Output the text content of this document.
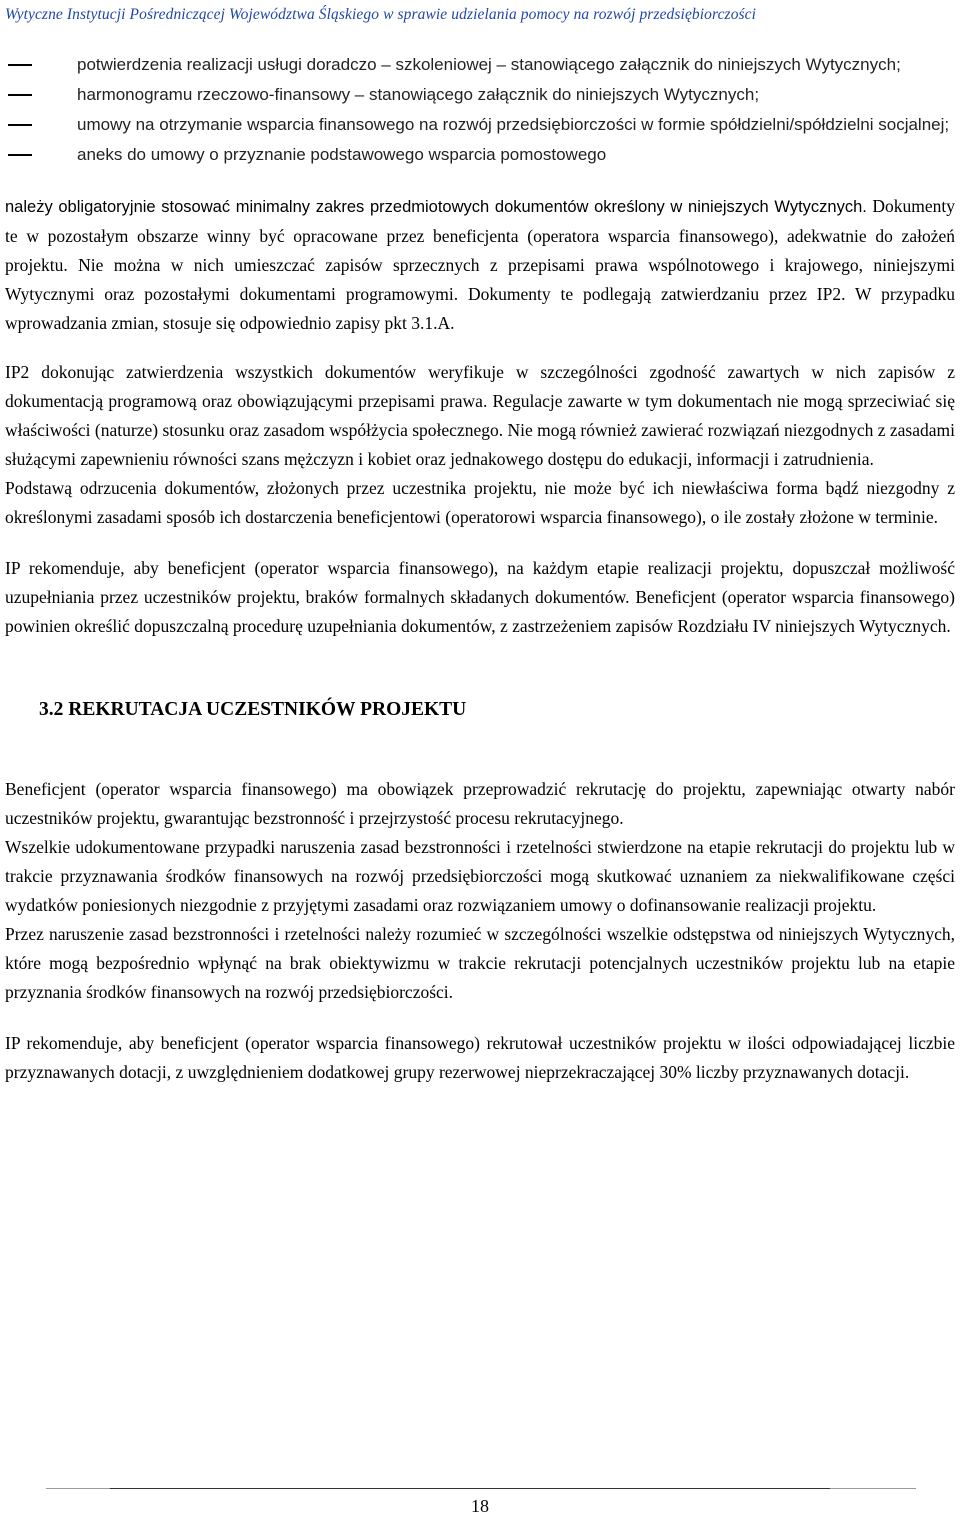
Wytyczne Instytucji Pośredniczącej Województwa Śląskiego w sprawie udzielania pomocy na rozwój przedsiębiorczości
potwierdzenia realizacji usługi doradczo – szkoleniowej – stanowiącego załącznik do niniejszych Wytycznych;
harmonogramu rzeczowo-finansowy – stanowiącego załącznik do niniejszych Wytycznych;
umowy na otrzymanie wsparcia finansowego na rozwój przedsiębiorczości w formie spółdzielni/spółdzielni socjalnej;
aneks do umowy o przyznanie podstawowego wsparcia pomostowego

należy obligatoryjnie stosować minimalny zakres przedmiotowych dokumentów określony w niniejszych Wytycznych. Dokumenty te w pozostałym obszarze winny być opracowane przez beneficjenta (operatora wsparcia finansowego), adekwatnie do założeń projektu. Nie można w nich umieszczać zapisów sprzecznych z przepisami prawa wspólnotowego i krajowego, niniejszymi Wytycznymi oraz pozostałymi dokumentami programowymi. Dokumenty te podlegają zatwierdzaniu przez IP2. W przypadku wprowadzania zmian, stosuje się odpowiednio zapisy pkt 3.1.A.

IP2 dokonując zatwierdzenia wszystkich dokumentów weryfikuje w szczególności zgodność zawartych w nich zapisów z dokumentacją programową oraz obowiązującymi przepisami prawa. Regulacje zawarte w tym dokumentach nie mogą sprzeciwiać się właściwości (naturze) stosunku oraz zasadom współżycia społecznego. Nie mogą również zawierać rozwiązań niezgodnych z zasadami służącymi zapewnieniu równości szans mężczyzn i kobiet oraz jednakowego dostępu do edukacji, informacji i zatrudnienia.

Podstawą odrzucenia dokumentów, złożonych przez uczestnika projektu, nie może być ich niewłaściwa forma bądź niezgodny z określonymi zasadami sposób ich dostarczenia beneficjentowi (operatorowi wsparcia finansowego), o ile zostały złożone w terminie.

IP rekomenduje, aby beneficjent (operator wsparcia finansowego), na każdym etapie realizacji projektu, dopuszczał możliwość uzupełniania przez uczestników projektu, braków formalnych składanych dokumentów. Beneficjent (operator wsparcia finansowego) powinien określić dopuszczalną procedurę uzupełniania dokumentów, z zastrzeżeniem zapisów Rozdziału IV niniejszych Wytycznych.

3.2 REKRUTACJA UCZESTNIKÓW PROJEKTU

Beneficjent (operator wsparcia finansowego) ma obowiązek przeprowadzić rekrutację do projektu, zapewniając otwarty nabór uczestników projektu, gwarantując bezstronność i przejrzystość procesu rekrutacyjnego.

Wszelkie udokumentowane przypadki naruszenia zasad bezstronności i rzetelności stwierdzone na etapie rekrutacji do projektu lub w trakcie przyznawania środków finansowych na rozwój przedsiębiorczości mogą skutkować uznaniem za niekwalifikowane części wydatków poniesionych niezgodnie z przyjętymi zasadami oraz rozwiązaniem umowy o dofinansowanie realizacji projektu.

Przez naruszenie zasad bezstronności i rzetelności należy rozumieć w szczególności wszelkie odstępstwa od niniejszych Wytycznych, które mogą bezpośrednio wpłynąć na brak obiektywizmu w trakcie rekrutacji potencjalnych uczestników projektu lub na etapie przyznania środków finansowych na rozwój przedsiębiorczości.

IP rekomenduje, aby beneficjent (operator wsparcia finansowego) rekrutował uczestników projektu w ilości odpowiadającej liczbie przyznawanych dotacji, z uwzględnieniem dodatkowej grupy rezerwowej nieprzekraczającej 30% liczby przyznawanych dotacji.

18
